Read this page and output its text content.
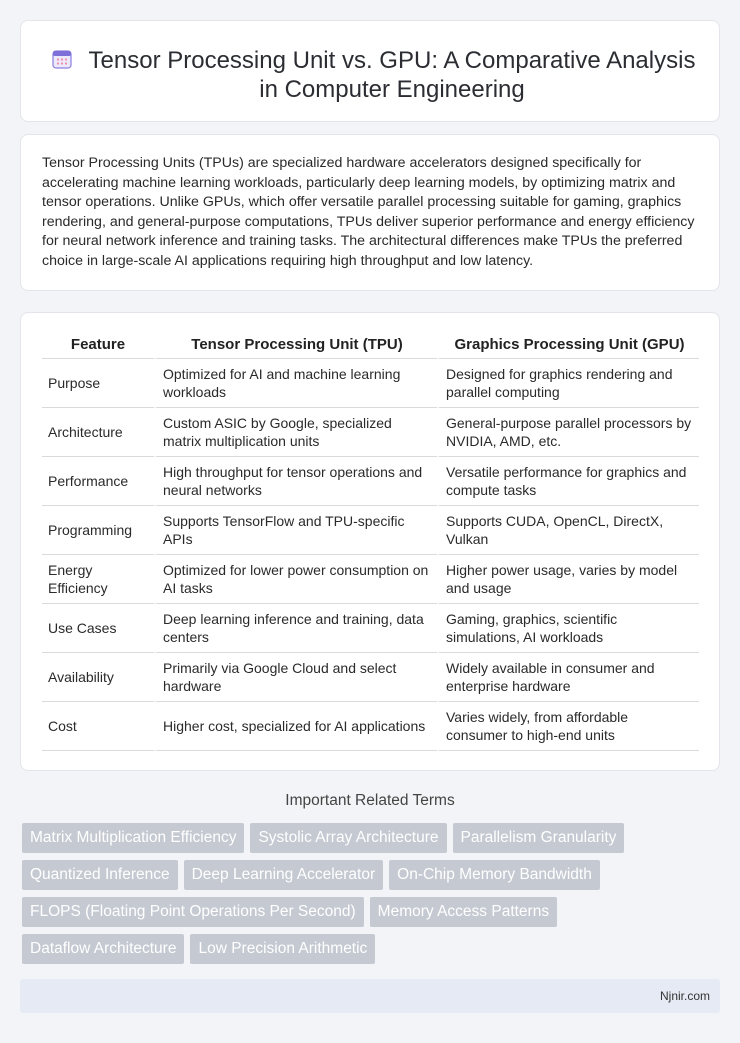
Tensor Processing Unit vs. GPU: A Comparative Analysis in Computer Engineering

Tensor Processing Units (TPUs) are specialized hardware accelerators designed specifically for accelerating machine learning workloads, particularly deep learning models, by optimizing matrix and tensor operations. Unlike GPUs, which offer versatile parallel processing suitable for gaming, graphics rendering, and general-purpose computations, TPUs deliver superior performance and energy efficiency for neural network inference and training tasks. The architectural differences make TPUs the preferred choice in large-scale AI applications requiring high throughput and low latency.

Feature	Tensor Processing Unit (TPU)	Graphics Processing Unit (GPU)
Purpose	Optimized for AI and machine learning workloads	Designed for graphics rendering and parallel computing
Architecture	Custom ASIC by Google, specialized matrix multiplication units	General-purpose parallel processors by NVIDIA, AMD, etc.
Performance	High throughput for tensor operations and neural networks	Versatile performance for graphics and compute tasks
Programming	Supports TensorFlow and TPU-specific APIs	Supports CUDA, OpenCL, DirectX, Vulkan
Energy Efficiency	Optimized for lower power consumption on AI tasks	Higher power usage, varies by model and usage
Use Cases	Deep learning inference and training, data centers	Gaming, graphics, scientific simulations, AI workloads
Availability	Primarily via Google Cloud and select hardware	Widely available in consumer and enterprise hardware
Cost	Higher cost, specialized for AI applications	Varies widely, from affordable consumer to high-end units
Important Related Terms
Matrix Multiplication Efficiency	Systolic Array Architecture	Parallelism Granularity
Quantized Inference	Deep Learning Accelerator	On-Chip Memory Bandwidth
FLOPS (Floating Point Operations Per Second)	Memory Access Patterns
Dataflow Architecture	Low Precision Arithmetic
Njnir.com
